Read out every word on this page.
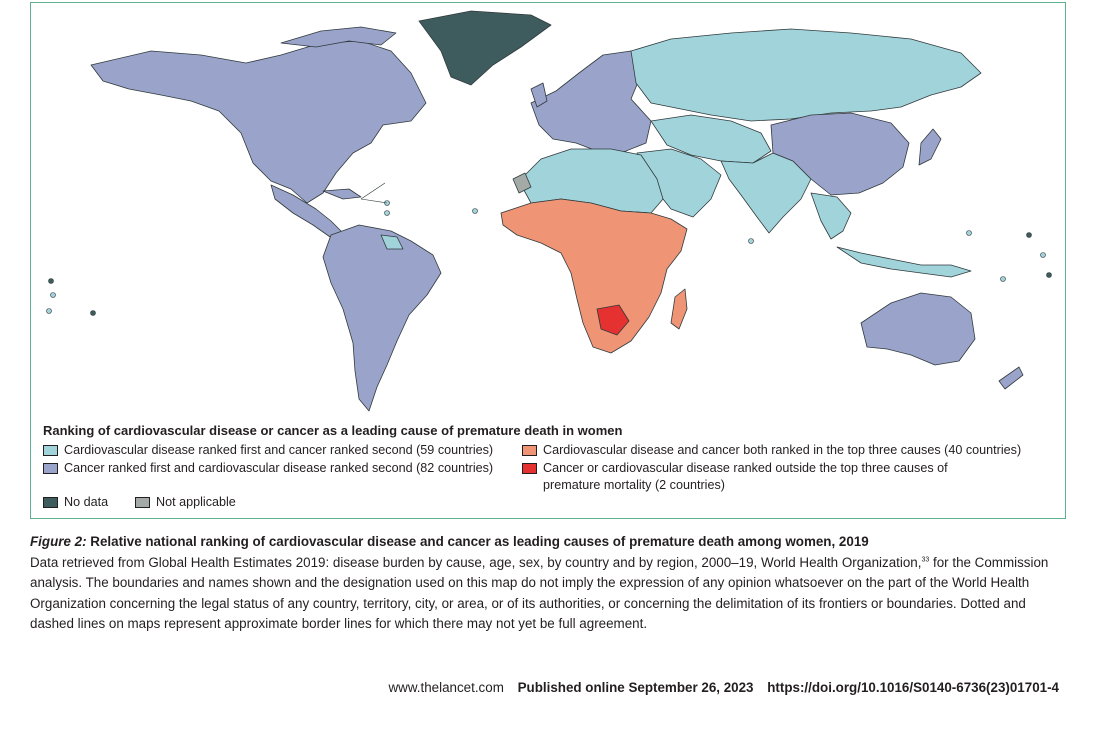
Ranking of cardiovascular disease or cancer as a leading cause of premature death in women
Cardiovascular disease ranked first and cancer ranked second (59 countries)
Cancer ranked first and cardiovascular disease ranked second (82 countries)
No data	Not applicable
Cardiovascular disease and cancer both ranked in the top three causes (40 countries)
Cancer or cardiovascular disease ranked outside the top three causes of premature mortality (2 countries)
Figure 2: Relative national ranking of cardiovascular disease and cancer as leading causes of premature death among women, 2019
Data retrieved from Global Health Estimates 2019: disease burden by cause, age, sex, by country and by region, 2000–19, World Health Organization,$^{33}$ for the Commission analysis. The boundaries and names shown and the designation used on this map do not imply the expression of any opinion whatsoever on the part of the World Health Organization concerning the legal status of any country, territory, city, or area, or of its authorities, or concerning the delimitation of its frontiers or boundaries. Dotted and dashed lines on maps represent approximate border lines for which there may not yet be full agreement.
www.thelancet.com Published online September 26, 2023 https://doi.org/10.1016/S0140-6736(23)01701-4
